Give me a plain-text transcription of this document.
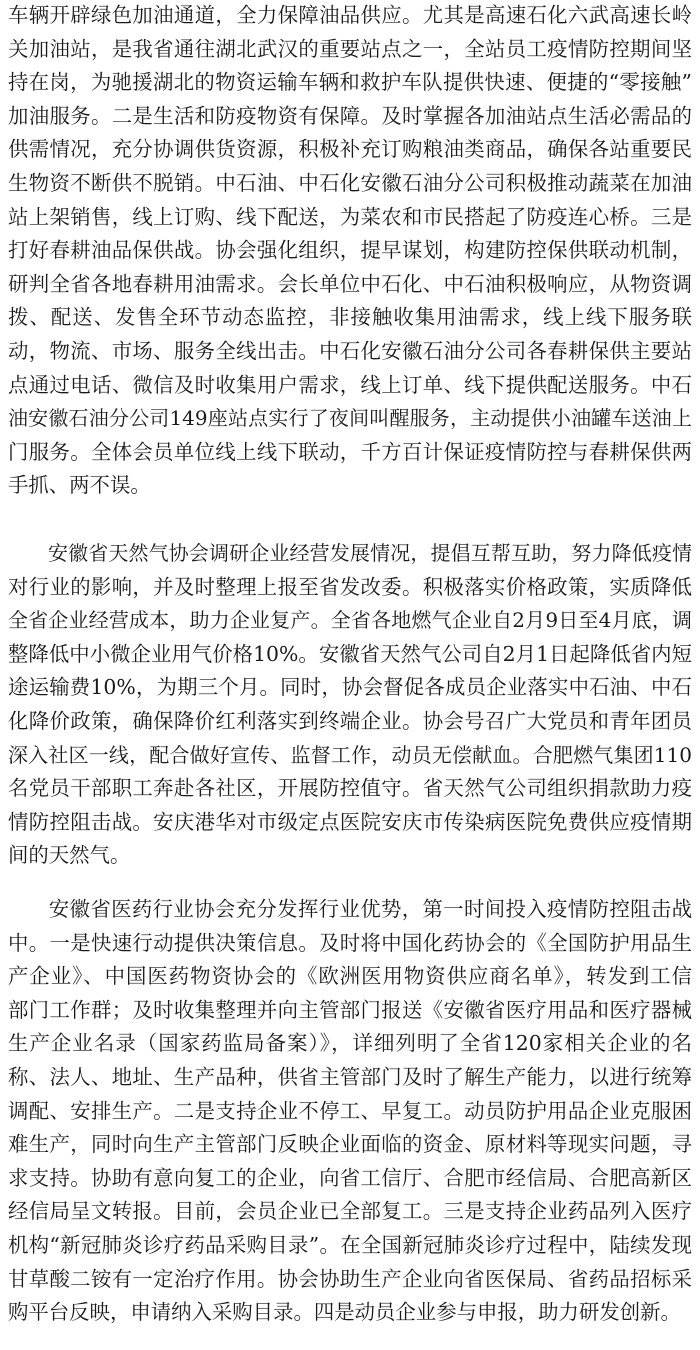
车辆开辟绿色加油通道，全力保障油品供应。尤其是高速石化六武高速长岭
关加油站，是我省通往湖北武汉的重要站点之一，全站员工疫情防控期间坚
持在岗，为驰援湖北的物资运输车辆和救护车队提供快速、便捷的“零接触”
加油服务。二是生活和防疫物资有保障。及时掌握各加油站点生活必需品的
供需情况，充分协调供货资源，积极补充订购粮油类商品，确保各站重要民
生物资不断供不脱销。中石油、中石化安徽石油分公司积极推动蔬菜在加油
站上架销售，线上订购、线下配送，为菜农和市民搭起了防疫连心桥。三是
打好春耕油品保供战。协会强化组织，提早谋划，构建防控保供联动机制，
研判全省各地春耕用油需求。会长单位中石化、中石油积极响应，从物资调
拨、配送、发售全环节动态监控，非接触收集用油需求，线上线下服务联
动，物流、市场、服务全线出击。中石化安徽石油分公司各春耕保供主要站
点通过电话、微信及时收集用户需求，线上订单、线下提供配送服务。中石
油安徽石油分公司149座站点实行了夜间叫醒服务，主动提供小油罐车送油上
门服务。全体会员单位线上线下联动，千方百计保证疫情防控与春耕保供两
手抓、两不误。
安徽省天然气协会调研企业经营发展情况，提倡互帮互助，努力降低疫情
对行业的影响，并及时整理上报至省发改委。积极落实价格政策，实质降低
全省企业经营成本，助力企业复产。全省各地燃气企业自2月9日至4月底，调
整降低中小微企业用气价格10%。安徽省天然气公司自2月1日起降低省内短
途运输费10%，为期三个月。同时，协会督促各成员企业落实中石油、中石
化降价政策，确保降价红利落实到终端企业。协会号召广大党员和青年团员
深入社区一线，配合做好宣传、监督工作，动员无偿献血。合肥燃气集团110
名党员干部职工奔赴各社区，开展防控值守。省天然气公司组织捐款助力疫
情防控阻击战。安庆港华对市级定点医院安庆市传染病医院免费供应疫情期
间的天然气。
安徽省医药行业协会充分发挥行业优势，第一时间投入疫情防控阻击战
中。一是快速行动提供决策信息。及时将中国化药协会的《全国防护用品生
产企业》、中国医药物资协会的《欧洲医用物资供应商名单》，转发到工信
部门工作群；及时收集整理并向主管部门报送《安徽省医疗用品和医疗器械
生产企业名录（国家药监局备案）》，详细列明了全省120家相关企业的名
称、法人、地址、生产品种，供省主管部门及时了解生产能力，以进行统筹
调配、安排生产。二是支持企业不停工、早复工。动员防护用品企业克服困
难生产，同时向生产主管部门反映企业面临的资金、原材料等现实问题，寻
求支持。协助有意向复工的企业，向省工信厅、合肥市经信局、合肥高新区
经信局呈文转报。目前，会员企业已全部复工。三是支持企业药品列入医疗
机构“新冠肺炎诊疗药品采购目录”。在全国新冠肺炎诊疗过程中，陆续发现
甘草酸二铵有一定治疗作用。协会协助生产企业向省医保局、省药品招标采
购平台反映，申请纳入采购目录。四是动员企业参与申报，助力研发创新。
